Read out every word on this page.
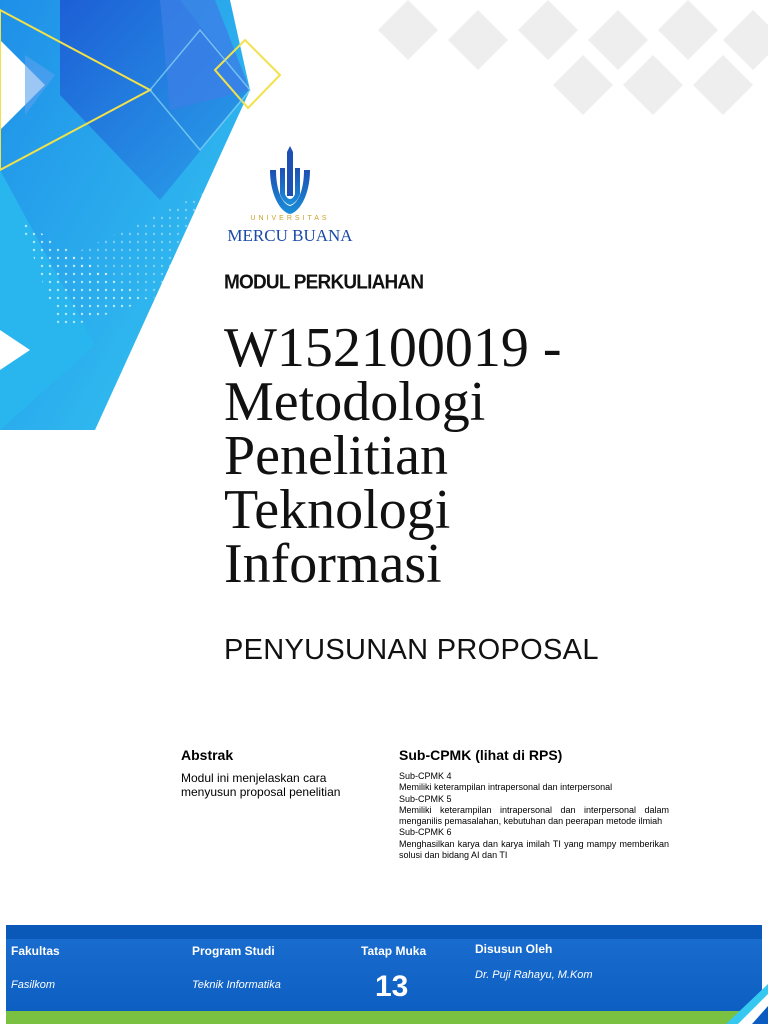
UNIVERSITAS
MERCU BUANA
MODUL PERKULIAHAN
W152100019 -
Metodologi
Penelitian
Teknologi
Informasi
PENYUSUNAN PROPOSAL
Abstrak
Modul ini menjelaskan cara menyusun proposal penelitian
Sub-CPMK (lihat di RPS)
Sub-CPMK 4
Memiliki keterampilan intrapersonal dan interpersonal
Sub-CPMK 5
Memiliki keterampilan intrapersonal dan interpersonal dalam menganilis pemasalahan, kebutuhan dan peerapan metode ilmiah
Sub-CPMK 6
Menghasilkan karya dan karya imilah TI yang mampy memberikan solusi dan bidang AI dan TI
Fakultas
Fasilkom
Program Studi
Teknik Informatika
Tatap Muka
13
Disusun Oleh
Dr. Puji Rahayu, M.Kom
